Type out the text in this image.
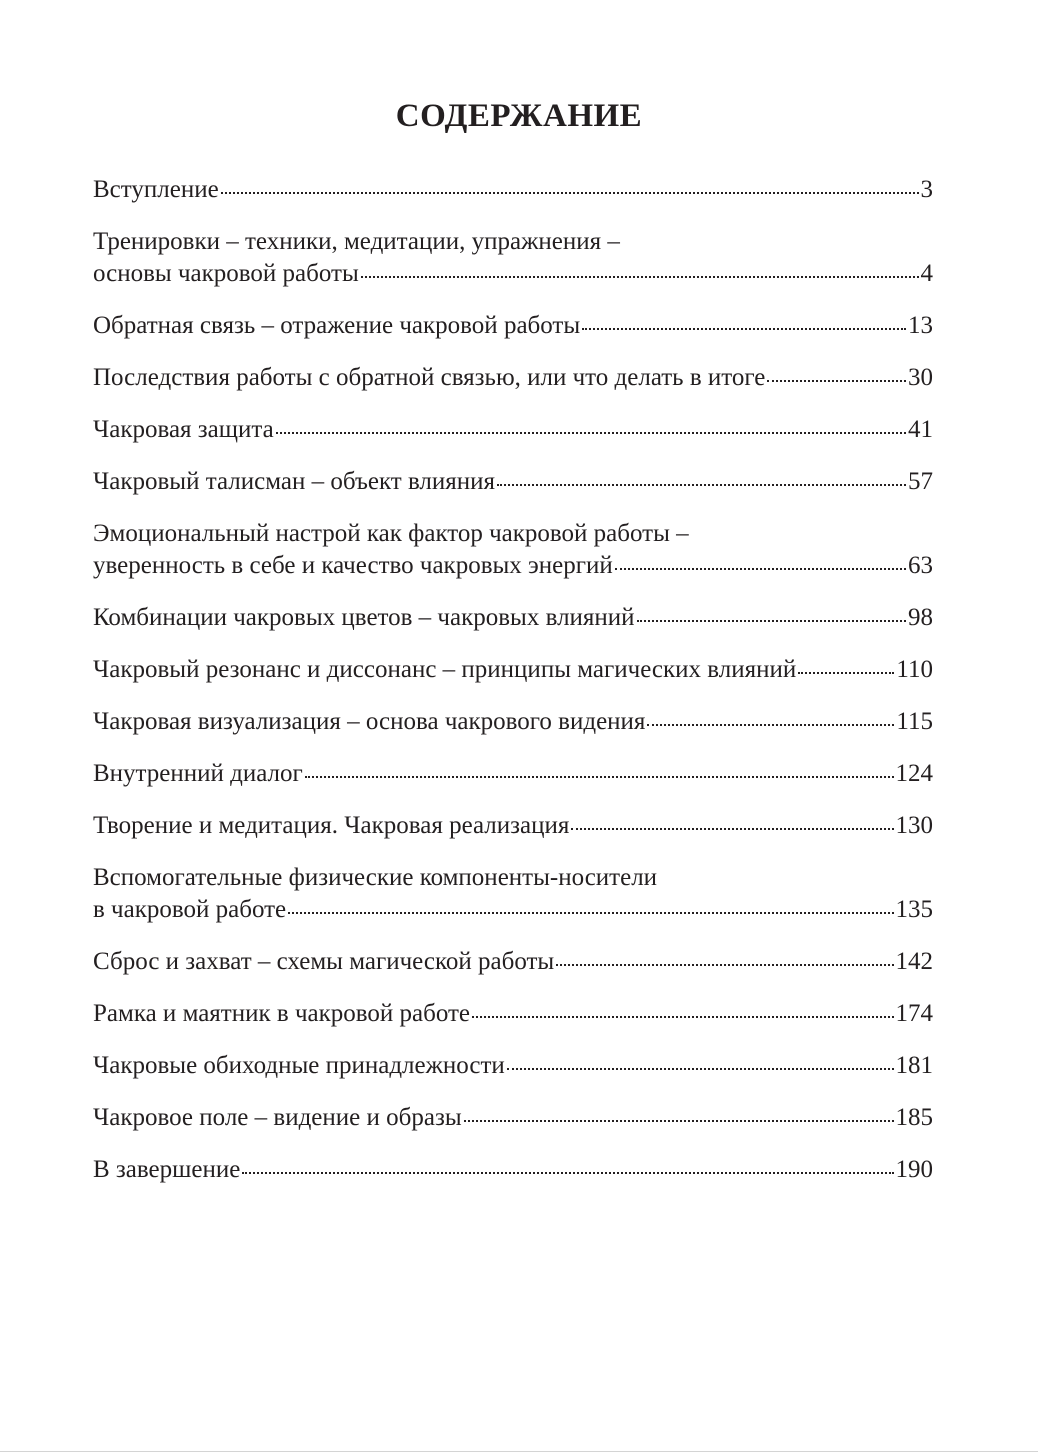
СОДЕРЖАНИЕ
Вступление	3
Тренировки – техники, медитации, упражнения –
основы чакровой работы	4
Обратная связь – отражение чакровой работы	13
Последствия работы с обратной связью, или что делать в итоге	30
Чакровая защита	41
Чакровый талисман – объект влияния	57
Эмоциональный настрой как фактор чакровой работы –
уверенность в себе и качество чакровых энергий	63
Комбинации чакровых цветов – чакровых влияний	98
Чакровый резонанс и диссонанс – принципы магических влияний	110
Чакровая визуализация – основа чакрового видения	115
Внутренний диалог	124
Творение и медитация. Чакровая реализация	130
Вспомогательные физические компоненты-носители
в чакровой работе	135
Сброс и захват – схемы магической работы	142
Рамка и маятник в чакровой работе	174
Чакровые обиходные принадлежности	181
Чакровое поле – видение и образы	185
В завершение	190
